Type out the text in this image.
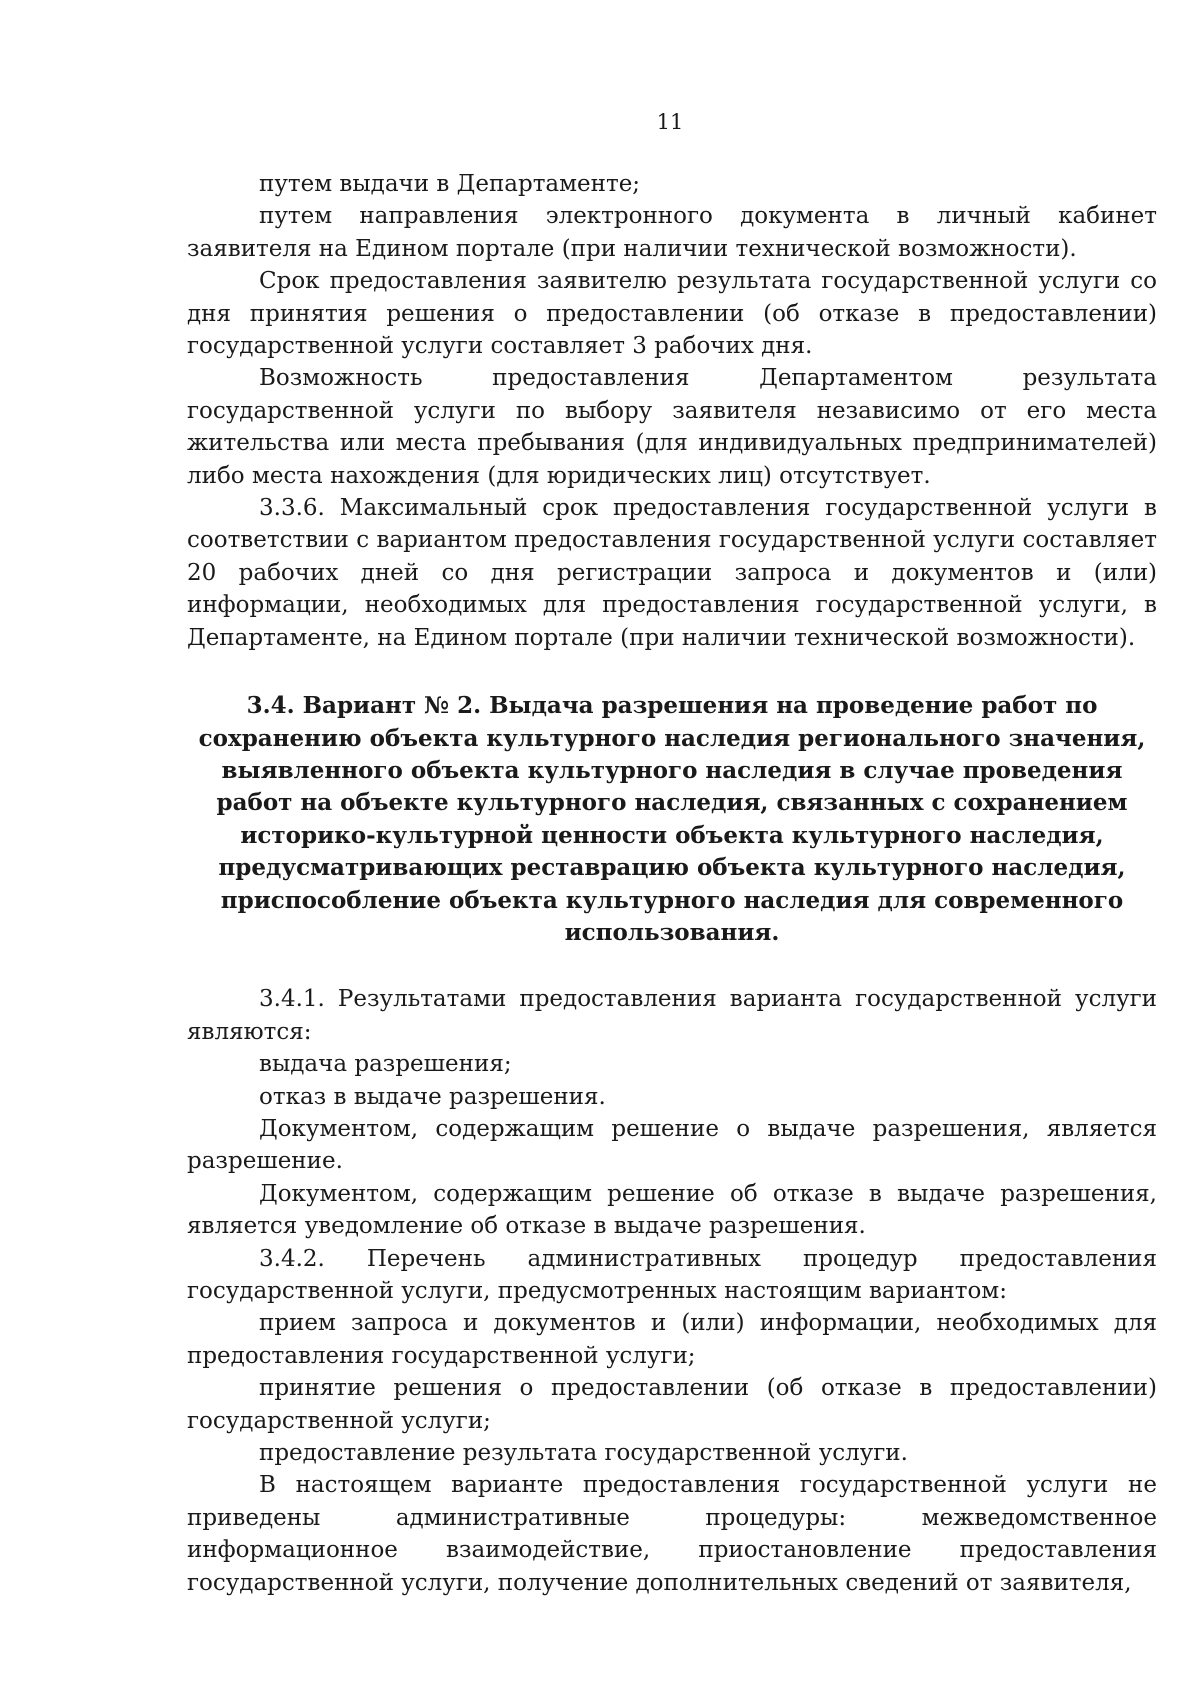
11

путем выдачи в Департаменте;

путем направления электронного документа в личный кабинет заявителя на Едином портале (при наличии технической возможности).

Срок предоставления заявителю результата государственной услуги со дня принятия решения о предоставлении (об отказе в предоставлении) государственной услуги составляет 3 рабочих дня.

Возможность предоставления Департаментом результата государственной услуги по выбору заявителя независимо от его места жительства или места пребывания (для индивидуальных предпринимателей) либо места нахождения (для юридических лиц) отсутствует.

3.3.6. Максимальный срок предоставления государственной услуги в соответствии с вариантом предоставления государственной услуги составляет 20 рабочих дней со дня регистрации запроса и документов и (или) информации, необходимых для предоставления государственной услуги, в Департаменте, на Едином портале (при наличии технической возможности).

3.4. Вариант № 2. Выдача разрешения на проведение работ по сохранению объекта культурного наследия регионального значения, выявленного объекта культурного наследия в случае проведения работ на объекте культурного наследия, связанных с сохранением историко-культурной ценности объекта культурного наследия, предусматривающих реставрацию объекта культурного наследия, приспособление объекта культурного наследия для современного использования.

3.4.1. Результатами предоставления варианта государственной услуги являются:

выдача разрешения;

отказ в выдаче разрешения.

Документом, содержащим решение о выдаче разрешения, является разрешение.

Документом, содержащим решение об отказе в выдаче разрешения, является уведомление об отказе в выдаче разрешения.

3.4.2. Перечень административных процедур предоставления государственной услуги, предусмотренных настоящим вариантом:

прием запроса и документов и (или) информации, необходимых для предоставления государственной услуги;

принятие решения о предоставлении (об отказе в предоставлении) государственной услуги;

предоставление результата государственной услуги.

В настоящем варианте предоставления государственной услуги не приведены административные процедуры: межведомственное информационное взаимодействие, приостановление предоставления государственной услуги, получение дополнительных сведений от заявителя,
